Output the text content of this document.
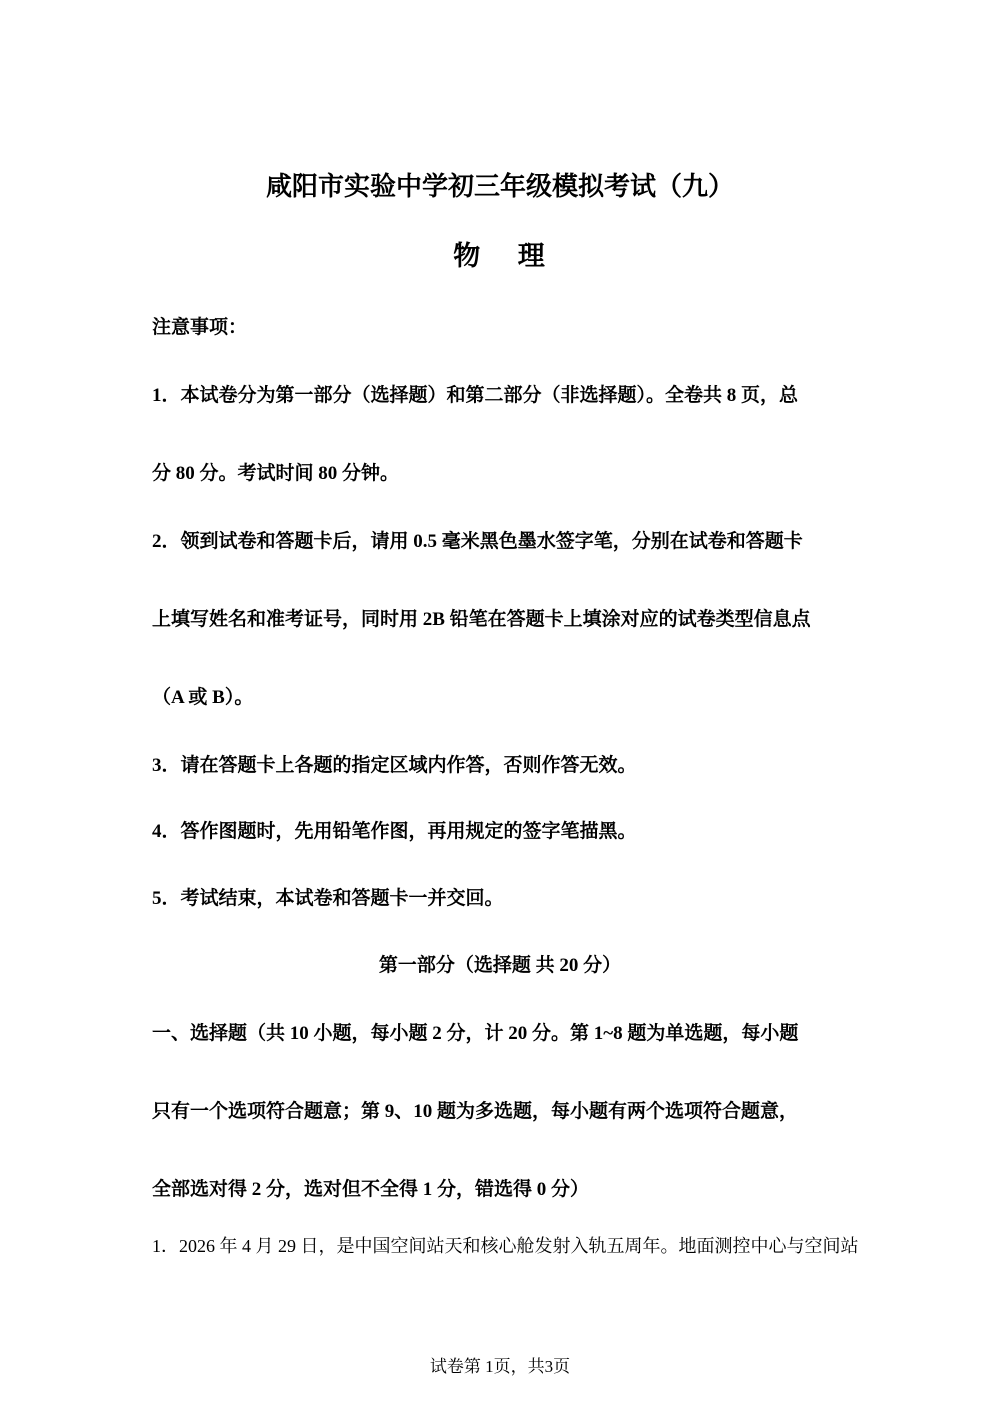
咸阳市实验中学初三年级模拟考试（九）
物 理
注意事项：
1．本试卷分为第一部分（选择题）和第二部分（非选择题）。全卷共 8 页，总
分 80 分。考试时间 80 分钟。
2．领到试卷和答题卡后，请用 0.5 毫米黑色墨水签字笔，分别在试卷和答题卡
上填写姓名和准考证号，同时用 2B 铅笔在答题卡上填涂对应的试卷类型信息点
（A 或 B）。
3．请在答题卡上各题的指定区域内作答，否则作答无效。
4．答作图题时，先用铅笔作图，再用规定的签字笔描黑。
5．考试结束，本试卷和答题卡一并交回。
第一部分（选择题 共 20 分）
一、选择题（共 10 小题，每小题 2 分，计 20 分。第 1~8 题为单选题，每小题
只有一个选项符合题意；第 9、10 题为多选题，每小题有两个选项符合题意，
全部选对得 2 分，选对但不全得 1 分，错选得 0 分）
1．2026 年 4 月 29 日，是中国空间站天和核心舱发射入轨五周年。地面测控中心与空间站
试卷第 1页，共3页
